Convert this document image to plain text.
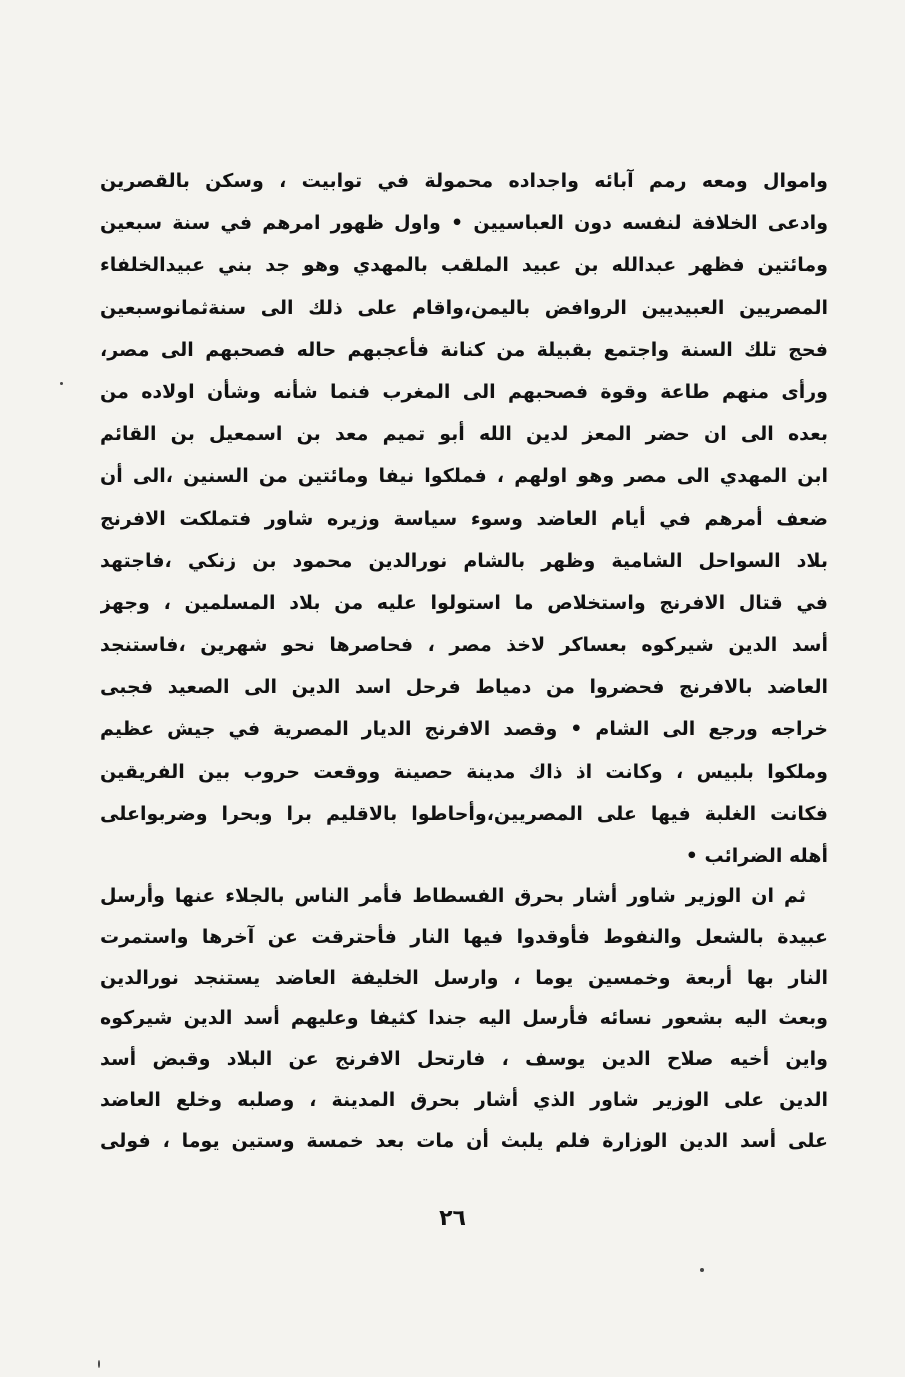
واموال ومعه رمم آبائه واجداده محمولة في توابيت ، وسكن بالقصرين
وادعى الخلافة لنفسه دون العباسيين • واول ظهور امرهم في سنة سبعين
ومائتين فظهر عبدالله بن عبيد الملقب بالمهدي وهو جد بني عبيدالخلفاء
المصريين العبيديين الروافض باليمن،واقام على ذلك الى سنةثمانوسبعين
فحج تلك السنة واجتمع بقبيلة من كنانة فأعجبهم حاله فصحبهم الى مصر،
ورأى منهم طاعة وقوة فصحبهم الى المغرب فنما شأنه وشأن اولاده من
بعده الى ان حضر المعز لدين الله أبو تميم معد بن اسمعيل بن القائم
ابن المهدي الى مصر وهو اولهم ، فملكوا نيفا ومائتين من السنين ،الى أن
ضعف أمرهم في أيام العاضد وسوء سياسة وزيره شاور فتملكت الافرنج
بلاد السواحل الشامية وظهر بالشام نورالدين محمود بن زنكي ،فاجتهد
في قتال الافرنج واستخلاص ما استولوا عليه من بلاد المسلمين ، وجهز
أسد الدين شيركوه بعساكر لاخذ مصر ، فحاصرها نحو شهرين ،فاستنجد
العاضد بالافرنج فحضروا من دمياط فرحل اسد الدين الى الصعيد فجبى
خراجه ورجع الى الشام • وقصد الافرنج الديار المصرية في جيش عظيم
وملكوا بلبيس ، وكانت اذ ذاك مدينة حصينة ووقعت حروب بين الفريقين
فكانت الغلبة فيها على المصريين،وأحاطوا بالاقليم برا وبحرا وضربواعلى
أهله الضرائب •
ثم ان الوزير شاور أشار بحرق الفسطاط فأمر الناس بالجلاء عنها وأرسل
عبيدة بالشعل والنفوط فأوقدوا فيها النار فأحترقت عن آخرها واستمرت
النار بها أربعة وخمسين يوما ، وارسل الخليفة العاضد يستنجد نورالدين
وبعث اليه بشعور نسائه فأرسل اليه جندا كثيفا وعليهم أسد الدين شيركوه
واين أخيه صلاح الدين يوسف ، فارتحل الافرنج عن البلاد وقبض أسد
الدين على الوزير شاور الذي أشار بحرق المدينة ، وصلبه وخلع العاضد
على أسد الدين الوزارة فلم يلبث أن مات بعد خمسة وستين يوما ، فولى
٢٦
